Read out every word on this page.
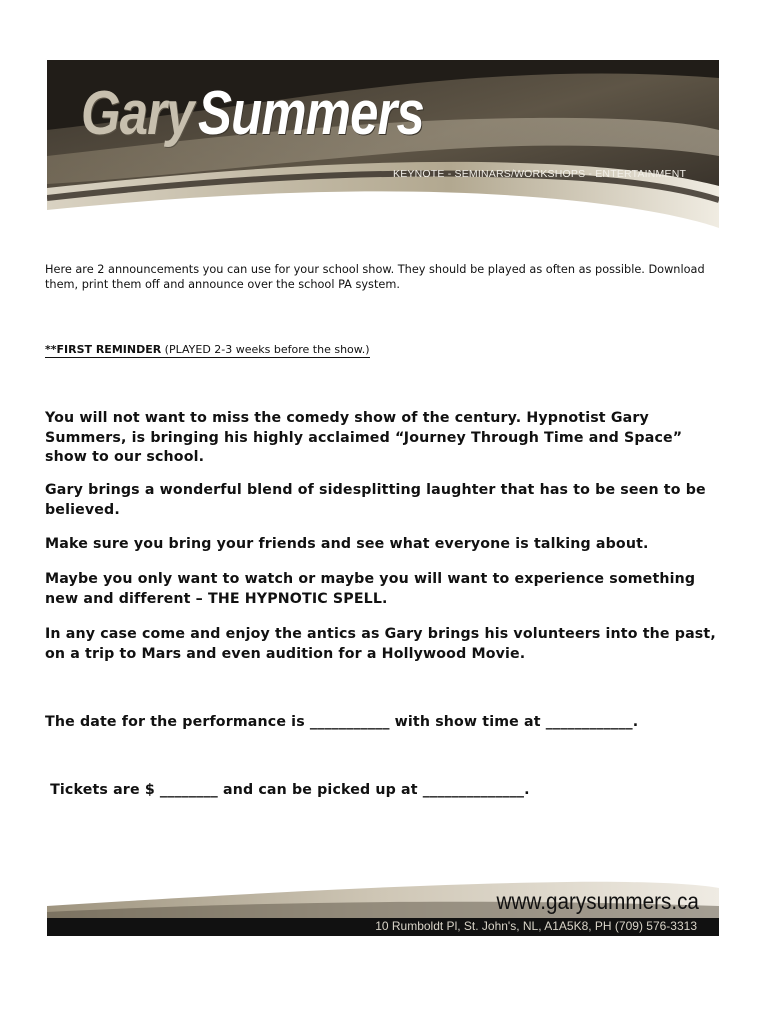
Gary Summers
KEYNOTE - SEMINARS/WORKSHOPS - ENTERTAINMENT
Here are 2 announcements you can use for your school show. They should be played as often as possible. Download them, print them off and announce over the school PA system.
**FIRST REMINDER (PLAYED 2-3 weeks before the show.)
You will not want to miss the comedy show of the century. Hypnotist Gary Summers, is bringing his highly acclaimed “Journey Through Time and Space” show to our school.
Gary brings a wonderful blend of sidesplitting laughter that has to be seen to be believed.
Make sure you bring your friends and see what everyone is talking about.
Maybe you only want to watch or maybe you will want to experience something new and different – THE HYPNOTIC SPELL.
In any case come and enjoy the antics as Gary brings his volunteers into the past, on a trip to Mars and even audition for a Hollywood Movie.
The date for the performance is ___________ with show time at ____________.
Tickets are $ ________ and can be picked up at ______________.
www.garysummers.ca
10 Rumboldt Pl, St. John's, NL, A1A5K8, PH (709) 576-3313
